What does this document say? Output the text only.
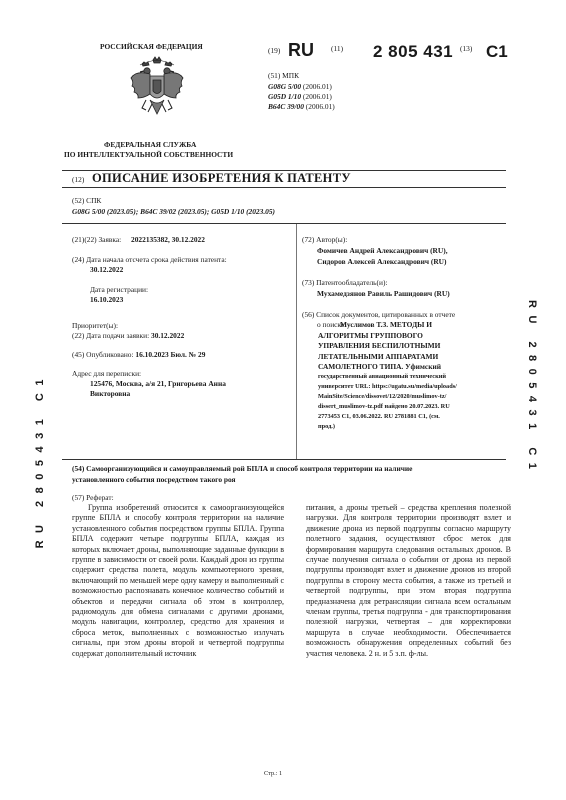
РОССИЙСКАЯ ФЕДЕРАЦИЯ
ФЕДЕРАЛЬНАЯ СЛУЖБА
ПО ИНТЕЛЛЕКТУАЛЬНОЙ СОБСТВЕННОСТИ
(19) RU (11) 2 805 431 (13) C1
(51) МПК
G08G 5/00 (2006.01)
G05D 1/10 (2006.01)
B64C 39/00 (2006.01)
(12) ОПИСАНИЕ ИЗОБРЕТЕНИЯ К ПАТЕНТУ
(52) СПК
G08G 5/00 (2023.05); B64C 39/02 (2023.05); G05D 1/10 (2023.05)
(21)(22) Заявка: 2022135382, 30.12.2022
(24) Дата начала отсчета срока действия патента:
30.12.2022
Дата регистрации:
16.10.2023
Приоритет(ы):
(22) Дата подачи заявки: 30.12.2022
(45) Опубликовано: 16.10.2023 Бюл. № 29
Адрес для переписки:
125476, Москва, а/я 21, Григорьева Анна
Викторовна
(72) Автор(ы):
Фомичев Андрей Александрович (RU),
Сидоров Алексей Александрович (RU)
(73) Патентообладатель(и):
Мухамедзянов Равиль Рашидович (RU)
(56) Список документов, цитированных в отчете
о поиске:
Муслимов Т.З. МЕТОДЫ И
АЛГОРИТМЫ ГРУППОВОГО
УПРАВЛЕНИЯ БЕСПИЛОТНЫМИ
ЛЕТАТЕЛЬНЫМИ АППАРАТАМИ
САМОЛЕТНОГО ТИПА. Уфимский
государственный авиационный технический
университет URL: https://ugatu.su/media/uploads/
MainSite/Science/dissovet/12/2020/muslimov-tz/
dissert_muslimov-tz.pdf найдено 20.07.2023. RU
2773453 C1, 03.06.2022. RU 2781881 C1, (см.
прод.)	RU 2805431 C1
RU 2805431 C1	(54) Самоорганизующийся и самоуправляемый рой БПЛА и способ контроля территории на наличие
установленного события посредством такого роя
(57) Реферат:
Группа изобретений относится к самоорганизующейся группе БПЛА и способу контроля территории на наличие установленного события посредством группы БПЛА. Группа БПЛА содержит четыре подгруппы БПЛА, каждая из которых включает дроны, выполняющие заданные функции в группе в зависимости от своей роли. Каждый дрон из группы содержит средства полета, модуль компьютерного зрения, включающий по меньшей мере одну камеру и выполненный с возможностью распознавать конечное количество событий и объектов и передачи сигнала об этом в контроллер, радиомодуль для обмена сигналами с другими дронами, модуль навигации, контроллер, средство для хранения и сброса меток, выполненных с возможностью излучать сигналы, при этом дроны второй и четвертой подгруппы содержат дополнительный источник
питания, а дроны третьей – средства крепления полезной нагрузки. Для контроля территории производят взлет и движение дрона из первой подгруппы согласно маршруту полетного задания, осуществляют сброс меток для формирования маршрута следования остальных дронов. В случае получения сигнала о событии от дрона из первой подгруппы производят взлет и движение дронов из второй подгруппы в сторону места события, а также из третьей и четвертой подгруппы, при этом вторая подгруппа предназначена для ретрансляции сигнала всем остальным членам группы, третья подгруппа - для транспортирования полезной нагрузки, четвертая – для корректировки маршрута в случае необходимости. Обеспечивается возможность обнаружения определенных событий без участия человека. 2 н. и 5 з.п. ф-лы.
Стр.: 1
